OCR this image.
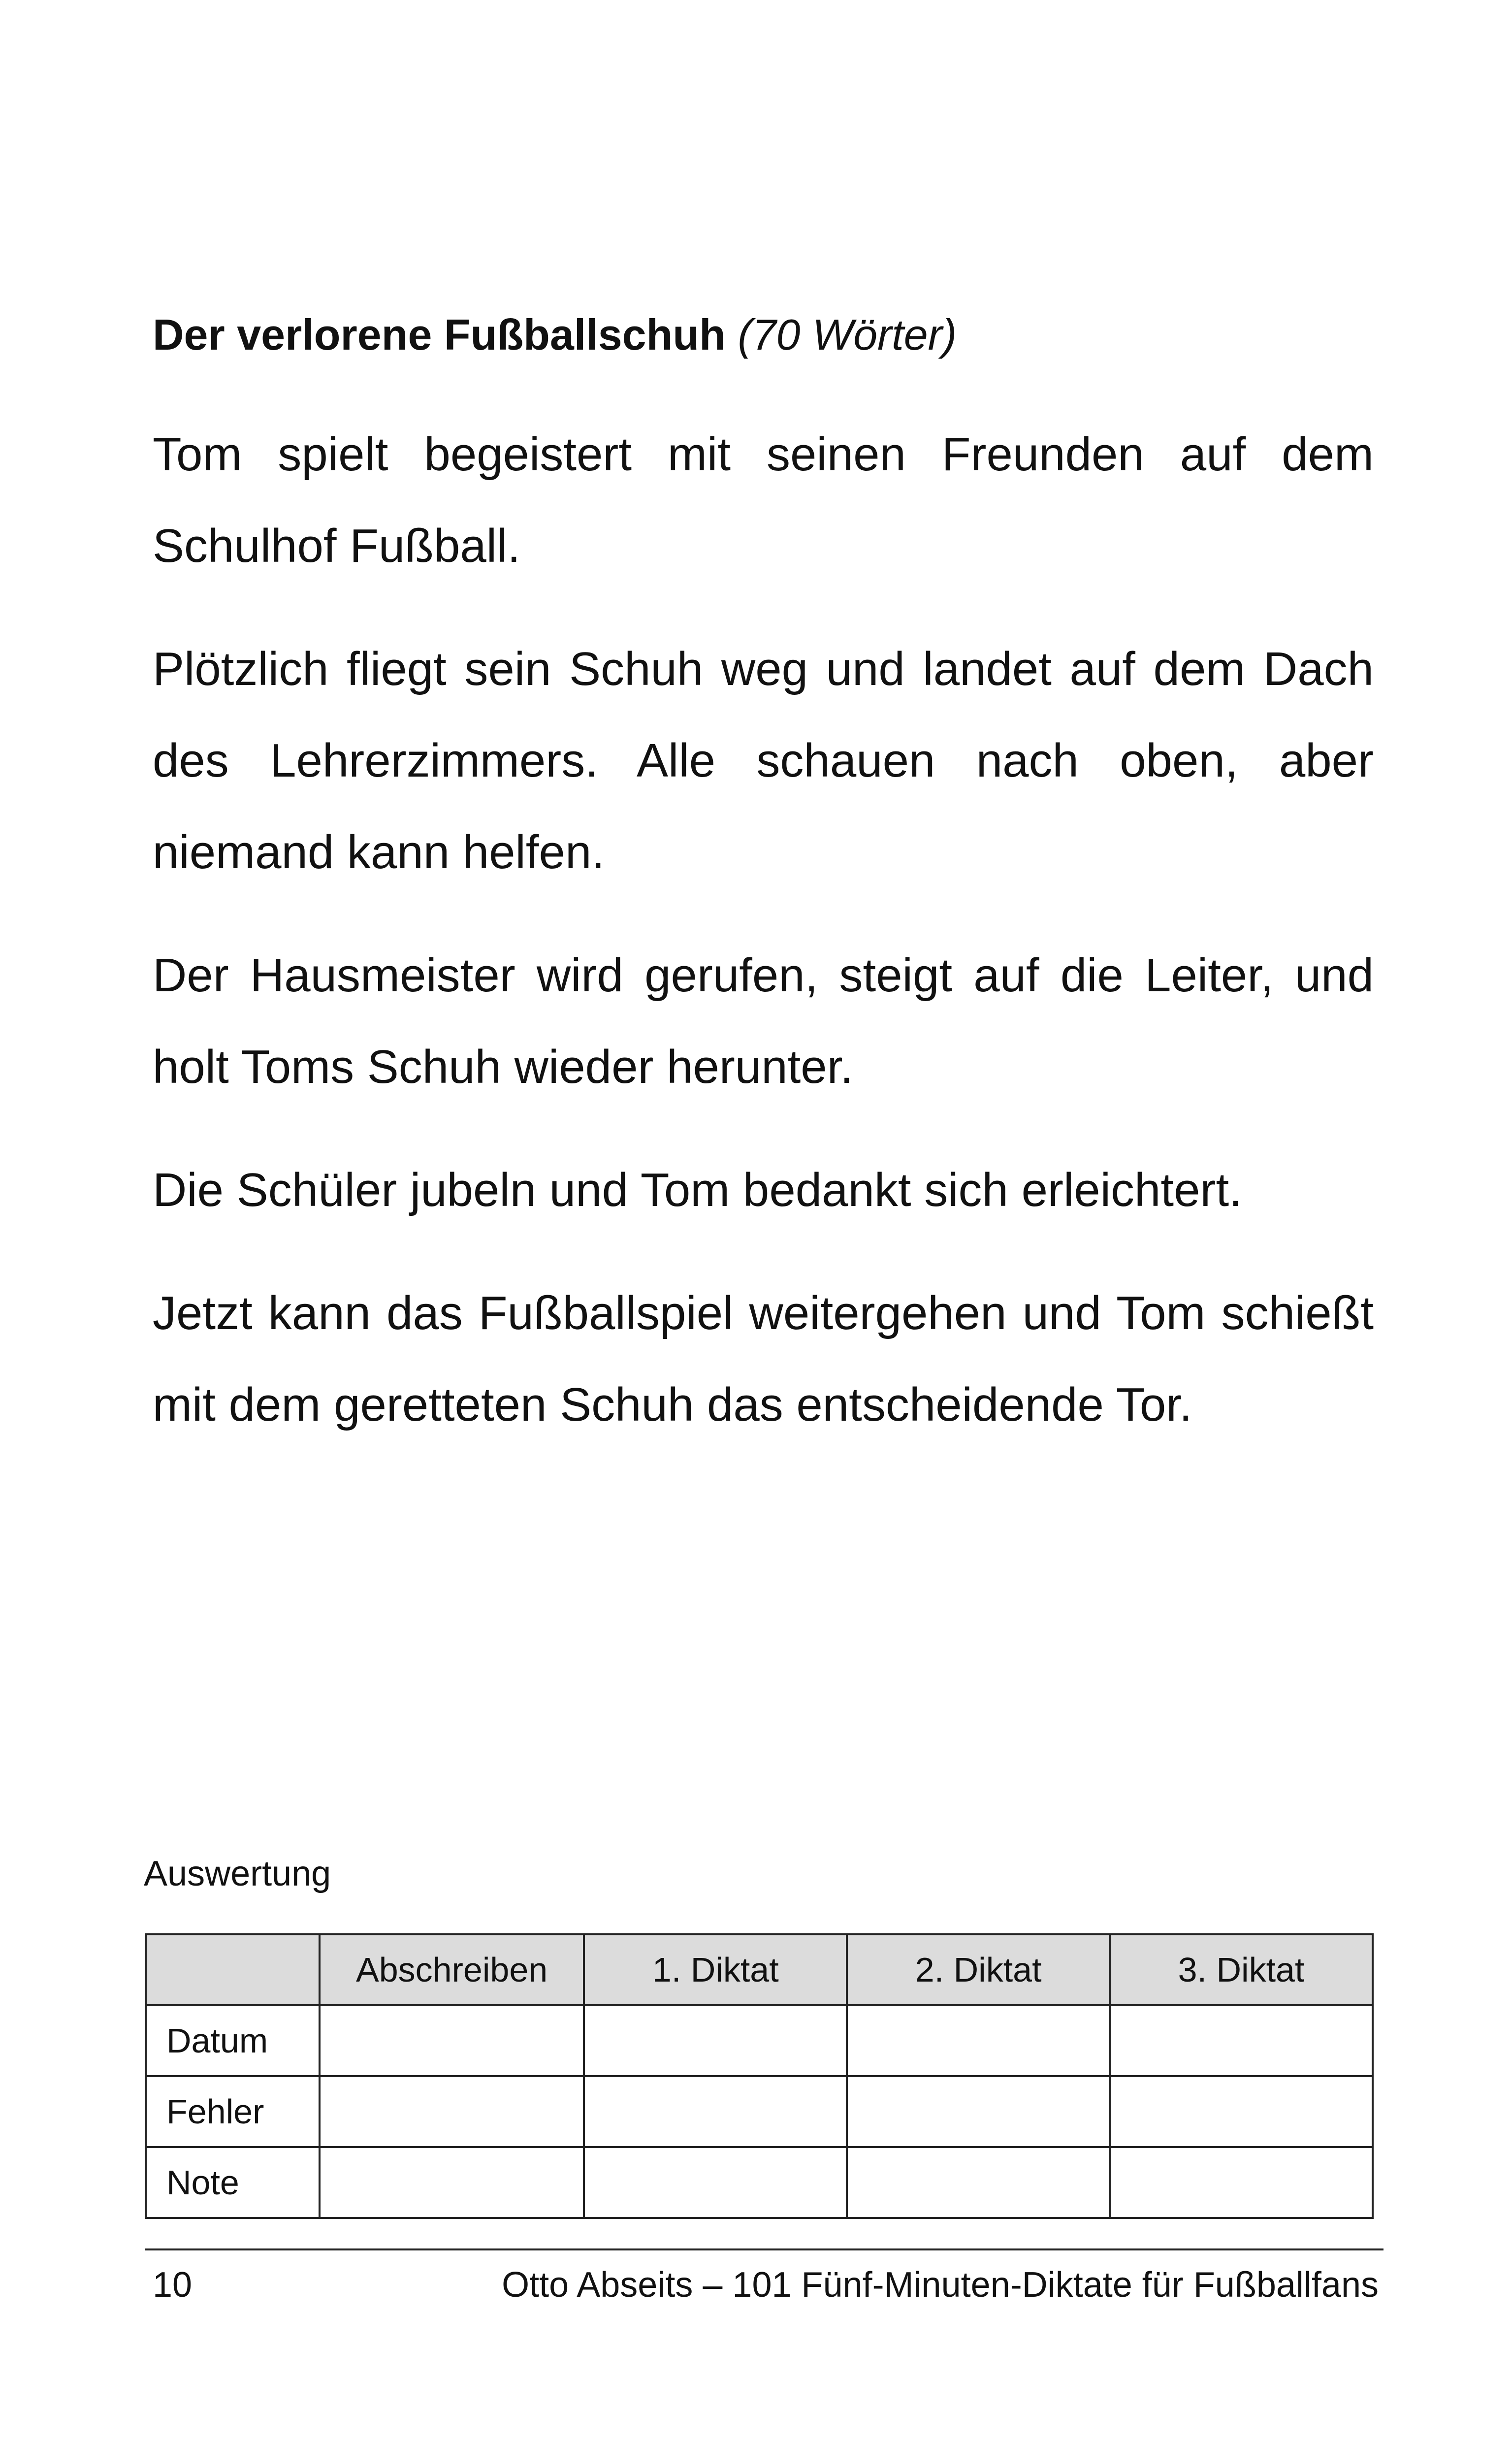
Der verlorene Fußballschuh (70 Wörter)

Tom spielt begeistert mit seinen Freunden auf dem Schulhof Fußball.

Plötzlich fliegt sein Schuh weg und landet auf dem Dach des Lehrerzimmers. Alle schauen nach oben, aber niemand kann helfen.

Der Hausmeister wird gerufen, steigt auf die Leiter, und holt Toms Schuh wieder herunter.

Die Schüler jubeln und Tom bedankt sich erleichtert.

Jetzt kann das Fußballspiel weitergehen und Tom schießt mit dem geretteten Schuh das entscheidende Tor.

Auswertung
	Abschreiben	1. Diktat	2. Diktat	3. Diktat
Datum				
Fehler				
Note				
10	Otto Abseits – 101 Fünf-Minuten-Diktate für Fußballfans
